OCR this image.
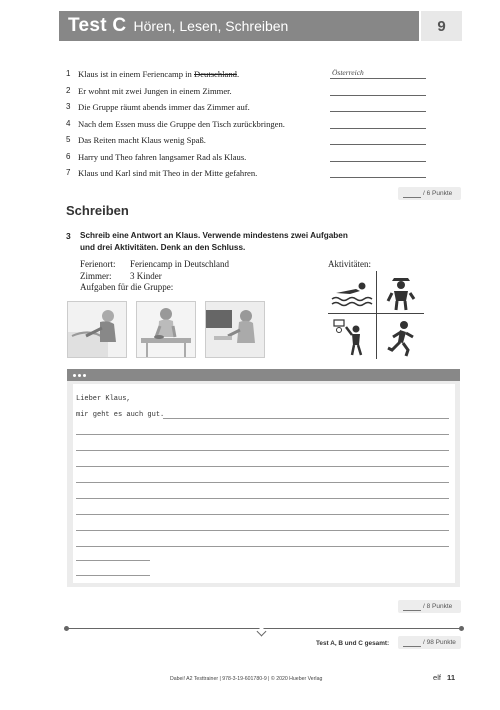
Test C Hören, Lesen, Schreiben	9
1 Klaus ist in einem Feriencamp in Deutschland.	Österreich
2 Er wohnt mit zwei Jungen in einem Zimmer.
3 Die Gruppe räumt abends immer das Zimmer auf.
4 Nach dem Essen muss die Gruppe den Tisch zurückbringen.
5 Das Reiten macht Klaus wenig Spaß.
6 Harry und Theo fahren langsamer Rad als Klaus.
7 Klaus und Karl sind mit Theo in der Mitte gefahren.
/ 6 Punkte
Schreiben
3 Schreib eine Antwort an Klaus. Verwende mindestens zwei Aufgaben
und drei Aktivitäten. Denk an den Schluss.
Ferienort: Feriencamp in Deutschland
Zimmer: 3 Kinder
Aufgaben für die Gruppe:
Aktivitäten:
Lieber Klaus,
mir geht es auch gut.
/ 8 Punkte
Test A, B und C gesamt:	/ 98 Punkte
Dabei! A2 Testtrainer | 978-3-19-601780-9 | © 2020 Hueber Verlag	elf 11
